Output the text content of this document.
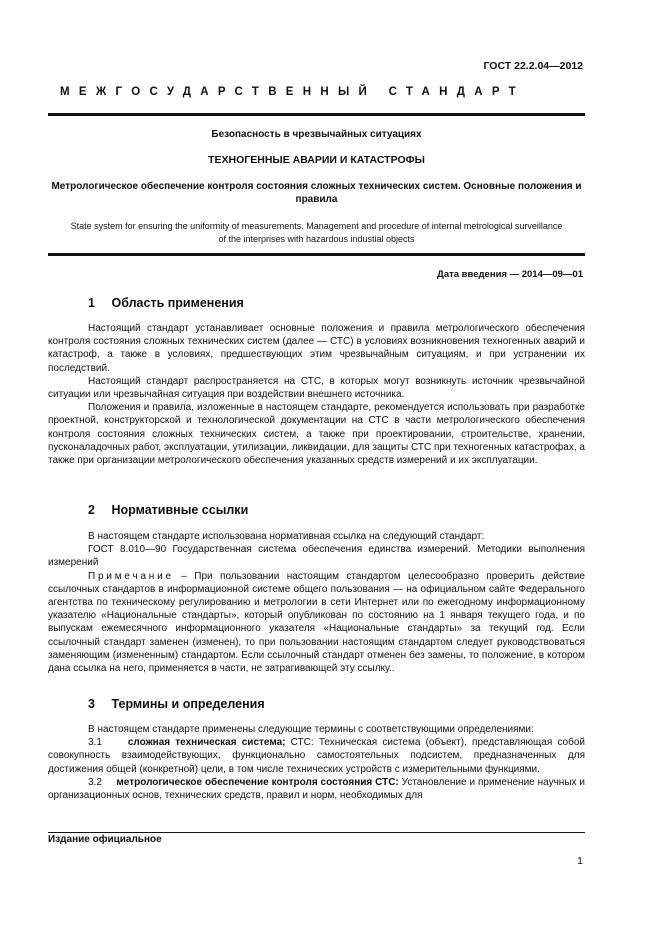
ГОСТ 22.2.04—2012
МЕЖГОСУДАРСТВЕННЫЙ СТАНДАРТ
Безопасность в чрезвычайных ситуациях
ТЕХНОГЕННЫЕ АВАРИИ И КАТАСТРОФЫ
Метрологическое обеспечение контроля состояния сложных технических систем. Основные положения и правила
State system for ensuring the uniformity of measurements. Management and procedure of internal metrological surveillance of the interprises with hazardous industial objects
Дата введения — 2014—09—01
1 Область применения

Настоящий стандарт устанавливает основные положения и правила метрологического обеспечения контроля состояния сложных технических систем (далее — СТС) в условиях возникновения техногенных аварий и катастроф, а также в условиях, предшествующих этим чрезвычайным ситуациям, и при устранении их последствий.

Настоящий стандарт распространяется на СТС, в которых могут возникнуть источник чрезвычайной ситуации или чрезвычайная ситуация при воздействии внешнего источника.

Положения и правила, изложенные в настоящем стандарте, рекомендуется использовать при разработке проектной, конструкторской и технологической документации на СТС в части метрологического обеспечения контроля состояния сложных технических систем, а также при проектировании, строительстве, хранении, пусконаладочных работ, эксплуатации, утилизации, ликвидации, для защиты СТС при техногенных катастрофах, а также при организации метрологического обеспечения указанных средств измерений и их эксплуатации.

2 Нормативные ссылки

В настоящем стандарте использована нормативная ссылка на следующий стандарт:

ГОСТ 8.010—90 Государственная система обеспечения единства измерений. Методики выполнения измерений

Примечание – При пользовании настоящим стандартом целесообразно проверить действие ссылочных стандартов в информационной системе общего пользования — на официальном сайте Федерального агентства по техническому регулированию и метрологии в сети Интернет или по ежегодному информационному указателю «Национальные стандарты», который опубликован по состоянию на 1 января текущего года, и по выпускам ежемесячного информационного указателя «Национальные стандарты» за текущий год. Если ссылочный стандарт заменен (изменен), то при пользовании настоящим стандартом следует руководствоваться заменяющим (измененным) стандартом. Если ссылочный стандарт отменен без замены, то положение, в котором дана ссылка на него, применяется в части, не затрагивающей эту ссылку..

3 Термины и определения

В настоящем стандарте применены следующие термины с соответствующими определениями:

3.1	сложная техническая система; СТС: Техническая система (объект), представляющая собой совокупность взаимодействующих, функционально самостоятельных подсистем, предназначенных для достижения общей (конкретной) цели, в том числе технических устройств с измерительными функциями.

3.2 метрологическое обеспечение контроля состояния СТС: Установление и применение научных и организационных основ, технических средств, правил и норм, необходимых для

Издание официальное
1
